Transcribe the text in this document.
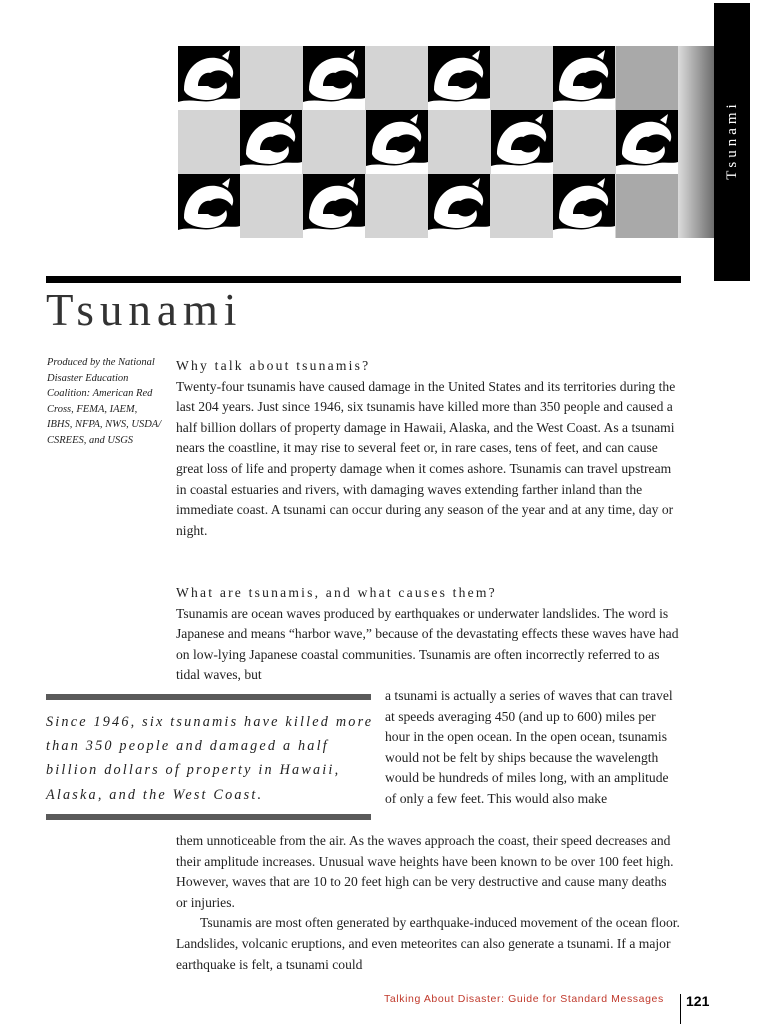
Tsunami
Tsunami
Produced by the National Disaster Education Coalition: American Red Cross, FEMA, IAEM, IBHS, NFPA, NWS, USDA/ CSREES, and USGS

Why talk about tsunamis?

Twenty-four tsunamis have caused damage in the United States and its territories during the last 204 years. Just since 1946, six tsunamis have killed more than 350 people and caused a half billion dollars of property damage in Hawaii, Alaska, and the West Coast. As a tsunami nears the coastline, it may rise to several feet or, in rare cases, tens of feet, and can cause great loss of life and property damage when it comes ashore. Tsunamis can travel upstream in coastal estuaries and rivers, with damaging waves extending farther inland than the immediate coast. A tsunami can occur during any season of the year and at any time, day or night.

What are tsunamis, and what causes them?

Tsunamis are ocean waves produced by earthquakes or underwater landslides. The word is Japanese and means “harbor wave,” because of the devastating effects these waves have had on low-lying Japanese coastal communities. Tsunamis are often incorrectly referred to as tidal waves, but

Since 1946, six tsunamis have killed more than 350 people and damaged a half billion dollars of property in Hawaii, Alaska, and the West Coast.

a tsunami is actually a series of waves that can travel at speeds averaging 450 (and up to 600) miles per hour in the open ocean. In the open ocean, tsunamis would not be felt by ships because the wavelength would be hundreds of miles long, with an amplitude of only a few feet. This would also make

them unnoticeable from the air. As the waves approach the coast, their speed decreases and their amplitude increases. Unusual wave heights have been known to be over 100 feet high. However, waves that are 10 to 20 feet high can be very destructive and cause many deaths or injuries.

Tsunamis are most often generated by earthquake-induced movement of the ocean floor. Landslides, volcanic eruptions, and even meteorites can also generate a tsunami. If a major earthquake is felt, a tsunami could

Talking About Disaster: Guide for Standard Messages 121
